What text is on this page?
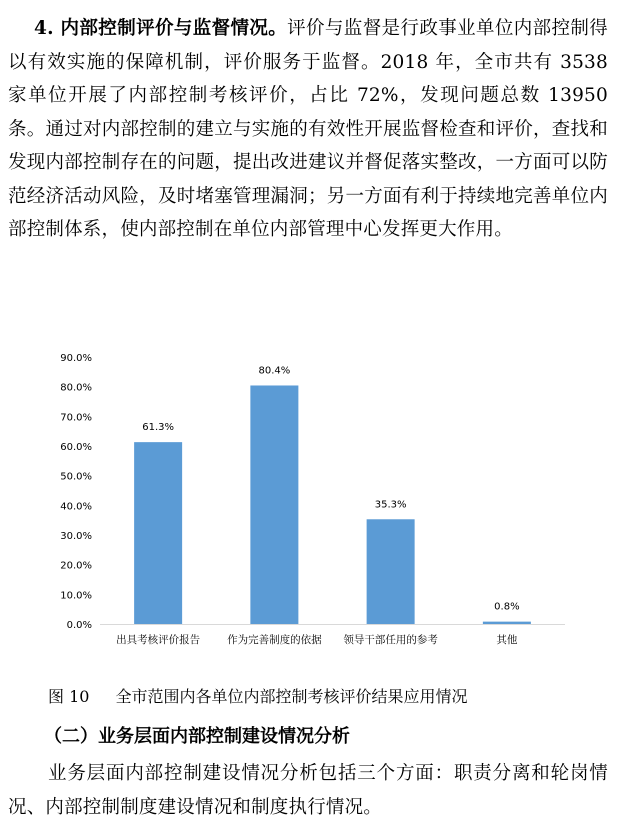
4. 内部控制评价与监督情况。评价与监督是行政事业单位内部控制得以有效实施的保障机制，评价服务于监督。2018 年，全市共有 3538 家单位开展了内部控制考核评价，占比 72%，发现问题总数 13950 条。通过对内部控制的建立与实施的有效性开展监督检查和评价，查找和发现内部控制存在的问题，提出改进建议并督促落实整改，一方面可以防范经济活动风险，及时堵塞管理漏洞；另一方面有利于持续地完善单位内部控制体系，使内部控制在单位内部管理中心发挥更大作用。
0.0%
10.0%
20.0%
30.0%
40.0%
50.0%
60.0%
70.0%
80.0%
90.0%
61.3%
出具考核评价报告
80.4%
作为完善制度的依据
35.3%
领导干部任用的参考
0.8%
其他
图 10 全市范围内各单位内部控制考核评价结果应用情况
（二）业务层面内部控制建设情况分析
业务层面内部控制建设情况分析包括三个方面：职责分离和轮岗情况、内部控制制度建设情况和制度执行情况。
